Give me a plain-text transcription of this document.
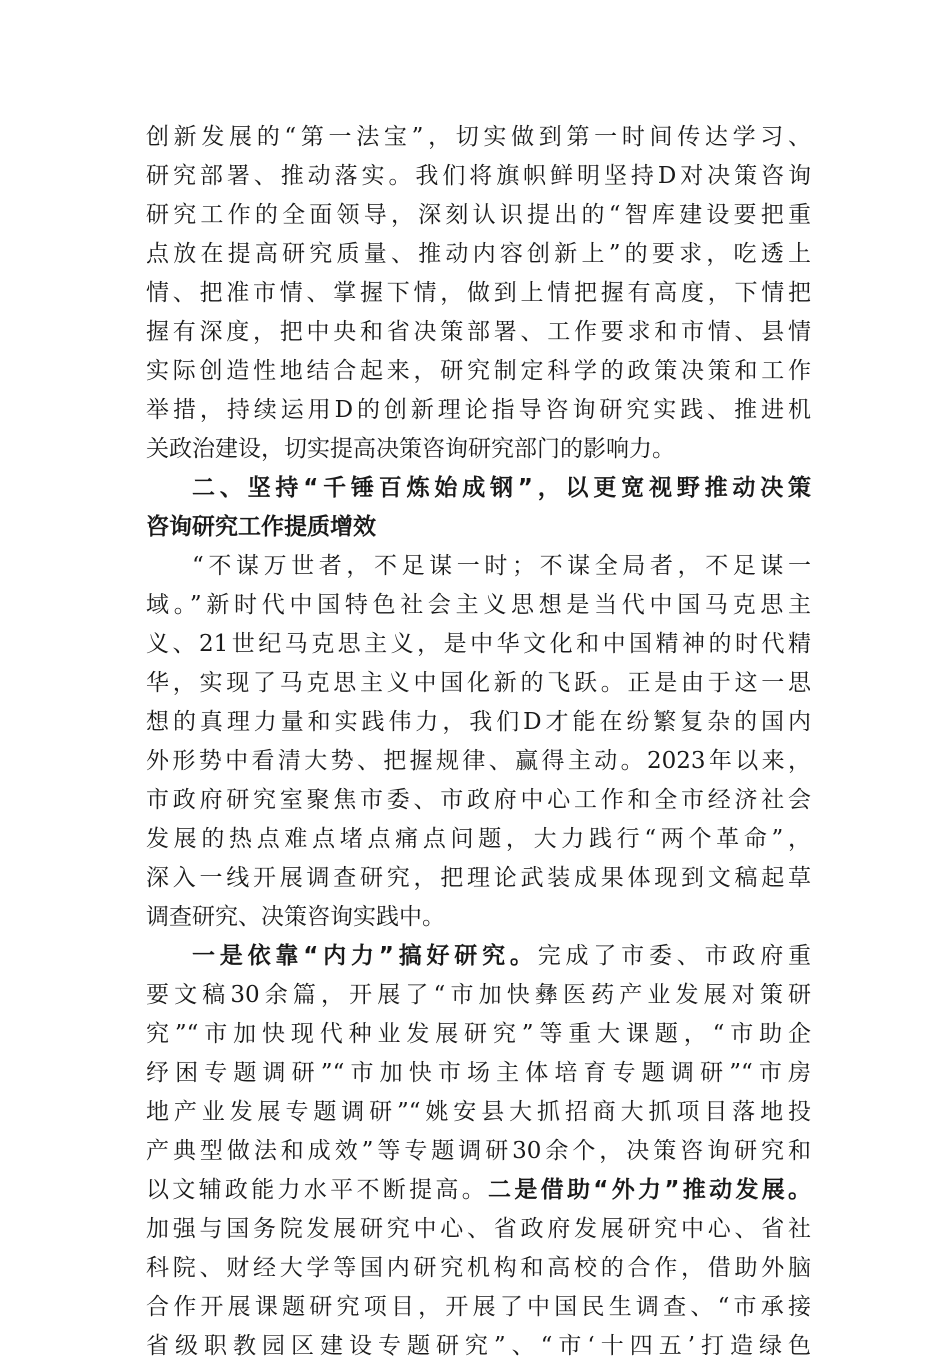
创新发展的“第一法宝”，切实做到第一时间传达学习、
研究部署、推动落实。我们将旗帜鲜明坚持D对决策咨询
研究工作的全面领导，深刻认识提出的“智库建设要把重
点放在提高研究质量、推动内容创新上”的要求，吃透上
情、把准市情、掌握下情，做到上情把握有高度，下情把
握有深度，把中央和省决策部署、工作要求和市情、县情
实际创造性地结合起来，研究制定科学的政策决策和工作
举措，持续运用D的创新理论指导咨询研究实践、推进机
关政治建设，切实提高决策咨询研究部门的影响力。
二、坚持“千锤百炼始成钢”，以更宽视野推动决策
咨询研究工作提质增效
“不谋万世者，不足谋一时；不谋全局者，不足谋一
域。”新时代中国特色社会主义思想是当代中国马克思主
义、21世纪马克思主义，是中华文化和中国精神的时代精
华，实现了马克思主义中国化新的飞跃。正是由于这一思
想的真理力量和实践伟力，我们D才能在纷繁复杂的国内
外形势中看清大势、把握规律、赢得主动。2023年以来，
市政府研究室聚焦市委、市政府中心工作和全市经济社会
发展的热点难点堵点痛点问题，大力践行“两个革命”，
深入一线开展调查研究，把理论武装成果体现到文稿起草
调查研究、决策咨询实践中。
一是依靠“内力”搞好研究。完成了市委、市政府重
要文稿30余篇，开展了“市加快彝医药产业发展对策研
究”“市加快现代种业发展研究”等重大课题，“市助企
纾困专题调研”“市加快市场主体培育专题调研”“市房
地产业发展专题调研”“姚安县大抓招商大抓项目落地投
产典型做法和成效”等专题调研30余个，决策咨询研究和
以文辅政能力水平不断提高。二是借助“外力”推动发展。
加强与国务院发展研究中心、省政府发展研究中心、省社
科院、财经大学等国内研究机构和高校的合作，借助外脑
合作开展课题研究项目，开展了中国民生调查、“市承接
省级职教园区建设专题研究”、“市‘十四五’打造绿色
